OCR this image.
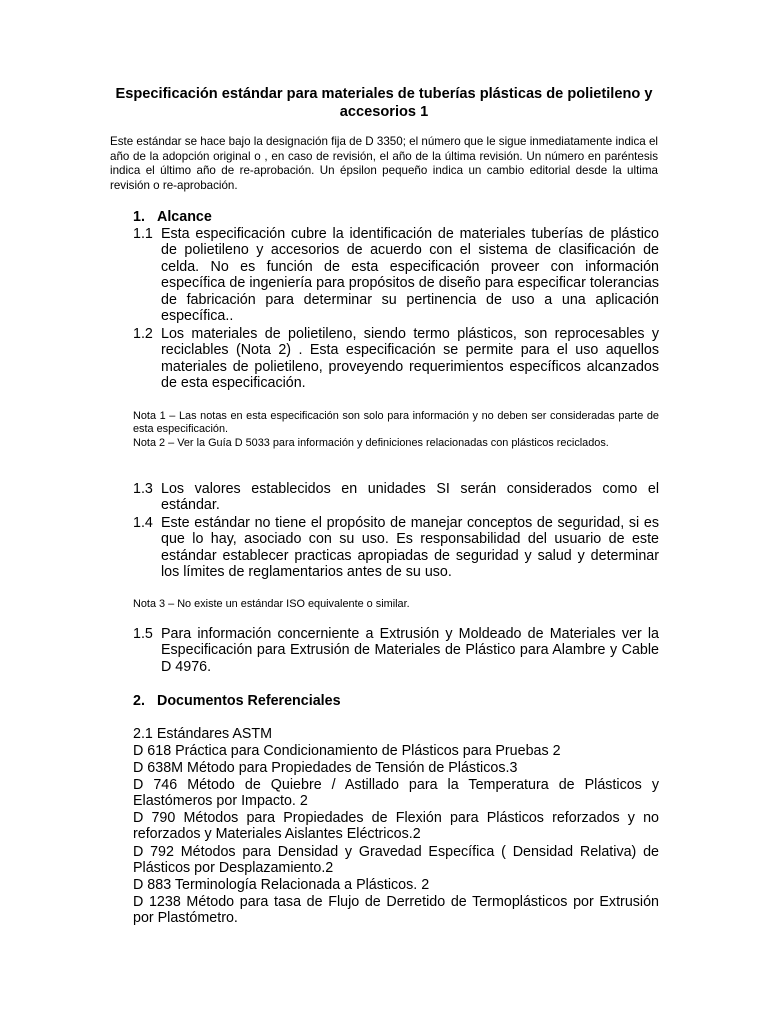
Especificación estándar para materiales de tuberías plásticas de polietileno y accesorios 1
Este estándar se hace bajo la designación fija de D 3350; el número que le sigue inmediatamente indica el año de la adopción original o , en caso de revisión, el año de la última revisión. Un número en paréntesis indica el último año de re-aprobación. Un épsilon pequeño indica un cambio editorial desde la ultima revisión o re-aprobación.
1. Alcance
1.1 Esta especificación cubre la identificación de materiales tuberías de plástico de polietileno y accesorios de acuerdo con el sistema de clasificación de celda. No es función de esta especificación proveer con información específica de ingeniería para propósitos de diseño para especificar tolerancias de fabricación para determinar su pertinencia de uso a una aplicación específica..
1.2 Los materiales de polietileno, siendo termo plásticos, son reprocesables y reciclables (Nota 2) . Esta especificación se permite para el uso aquellos materiales de polietileno, proveyendo requerimientos específicos alcanzados de esta especificación.
Nota 1 – Las notas en esta especificación son solo para información y no deben ser consideradas parte de esta especificación.
Nota 2 – Ver la Guía D 5033 para información y definiciones relacionadas con plásticos reciclados.
1.3 Los valores establecidos en unidades SI serán considerados como el estándar.
1.4 Este estándar no tiene el propósito de manejar conceptos de seguridad, si es que lo hay, asociado con su uso. Es responsabilidad del usuario de este estándar establecer practicas apropiadas de seguridad y salud y determinar los límites de reglamentarios antes de su uso.
Nota 3 – No existe un estándar ISO equivalente o similar.
1.5 Para información concerniente a Extrusión y Moldeado de Materiales ver la Especificación para Extrusión de Materiales de Plástico para Alambre y Cable D 4976.
2. Documentos Referenciales
2.1 Estándares ASTM
D 618 Práctica para Condicionamiento de Plásticos para Pruebas 2
D 638M Método para Propiedades de Tensión de Plásticos.3
D 746 Método de Quiebre / Astillado para la Temperatura de Plásticos y Elastómeros por Impacto. 2
D 790 Métodos para Propiedades de Flexión para Plásticos reforzados y no reforzados y Materiales Aislantes Eléctricos.2
D 792 Métodos para Densidad y Gravedad Específica ( Densidad Relativa) de Plásticos por Desplazamiento.2
D 883 Terminología Relacionada a Plásticos. 2
D 1238 Método para tasa de Flujo de Derretido de Termoplásticos por Extrusión por Plastómetro.
